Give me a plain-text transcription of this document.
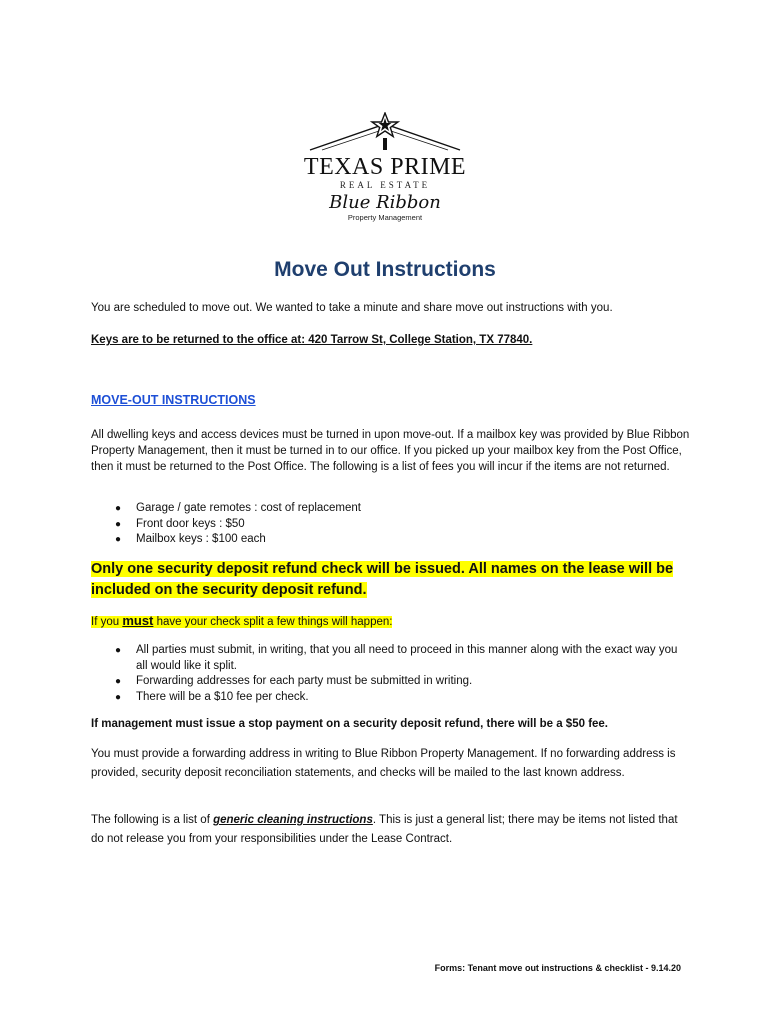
TEXAS PRIME
REAL ESTATE
Blue Ribbon
Property Management
Move Out Instructions
You are scheduled to move out. We wanted to take a minute and share move out instructions with you.
Keys are to be returned to the office at: 420 Tarrow St, College Station, TX 77840.
MOVE-OUT INSTRUCTIONS
All dwelling keys and access devices must be turned in upon move-out. If a mailbox key was provided by Blue Ribbon Property Management, then it must be turned in to our office. If you picked up your mailbox key from the Post Office, then it must be returned to the Post Office. The following is a list of fees you will incur if the items are not returned.
● Garage / gate remotes : cost of replacement
● Front door keys : $50
● Mailbox keys : $100 each
Only one security deposit refund check will be issued. All names on the lease will be included on the security deposit refund.
If you must have your check split a few things will happen:
● All parties must submit, in writing, that you all need to proceed in this manner along with the exact way you all would like it split.
● Forwarding addresses for each party must be submitted in writing.
● There will be a $10 fee per check.
If management must issue a stop payment on a security deposit refund, there will be a $50 fee.
You must provide a forwarding address in writing to Blue Ribbon Property Management. If no forwarding address is provided, security deposit reconciliation statements, and checks will be mailed to the last known address.
The following is a list of generic cleaning instructions. This is just a general list; there may be items not listed that do not release you from your responsibilities under the Lease Contract.
Forms: Tenant move out instructions & checklist - 9.14.20
